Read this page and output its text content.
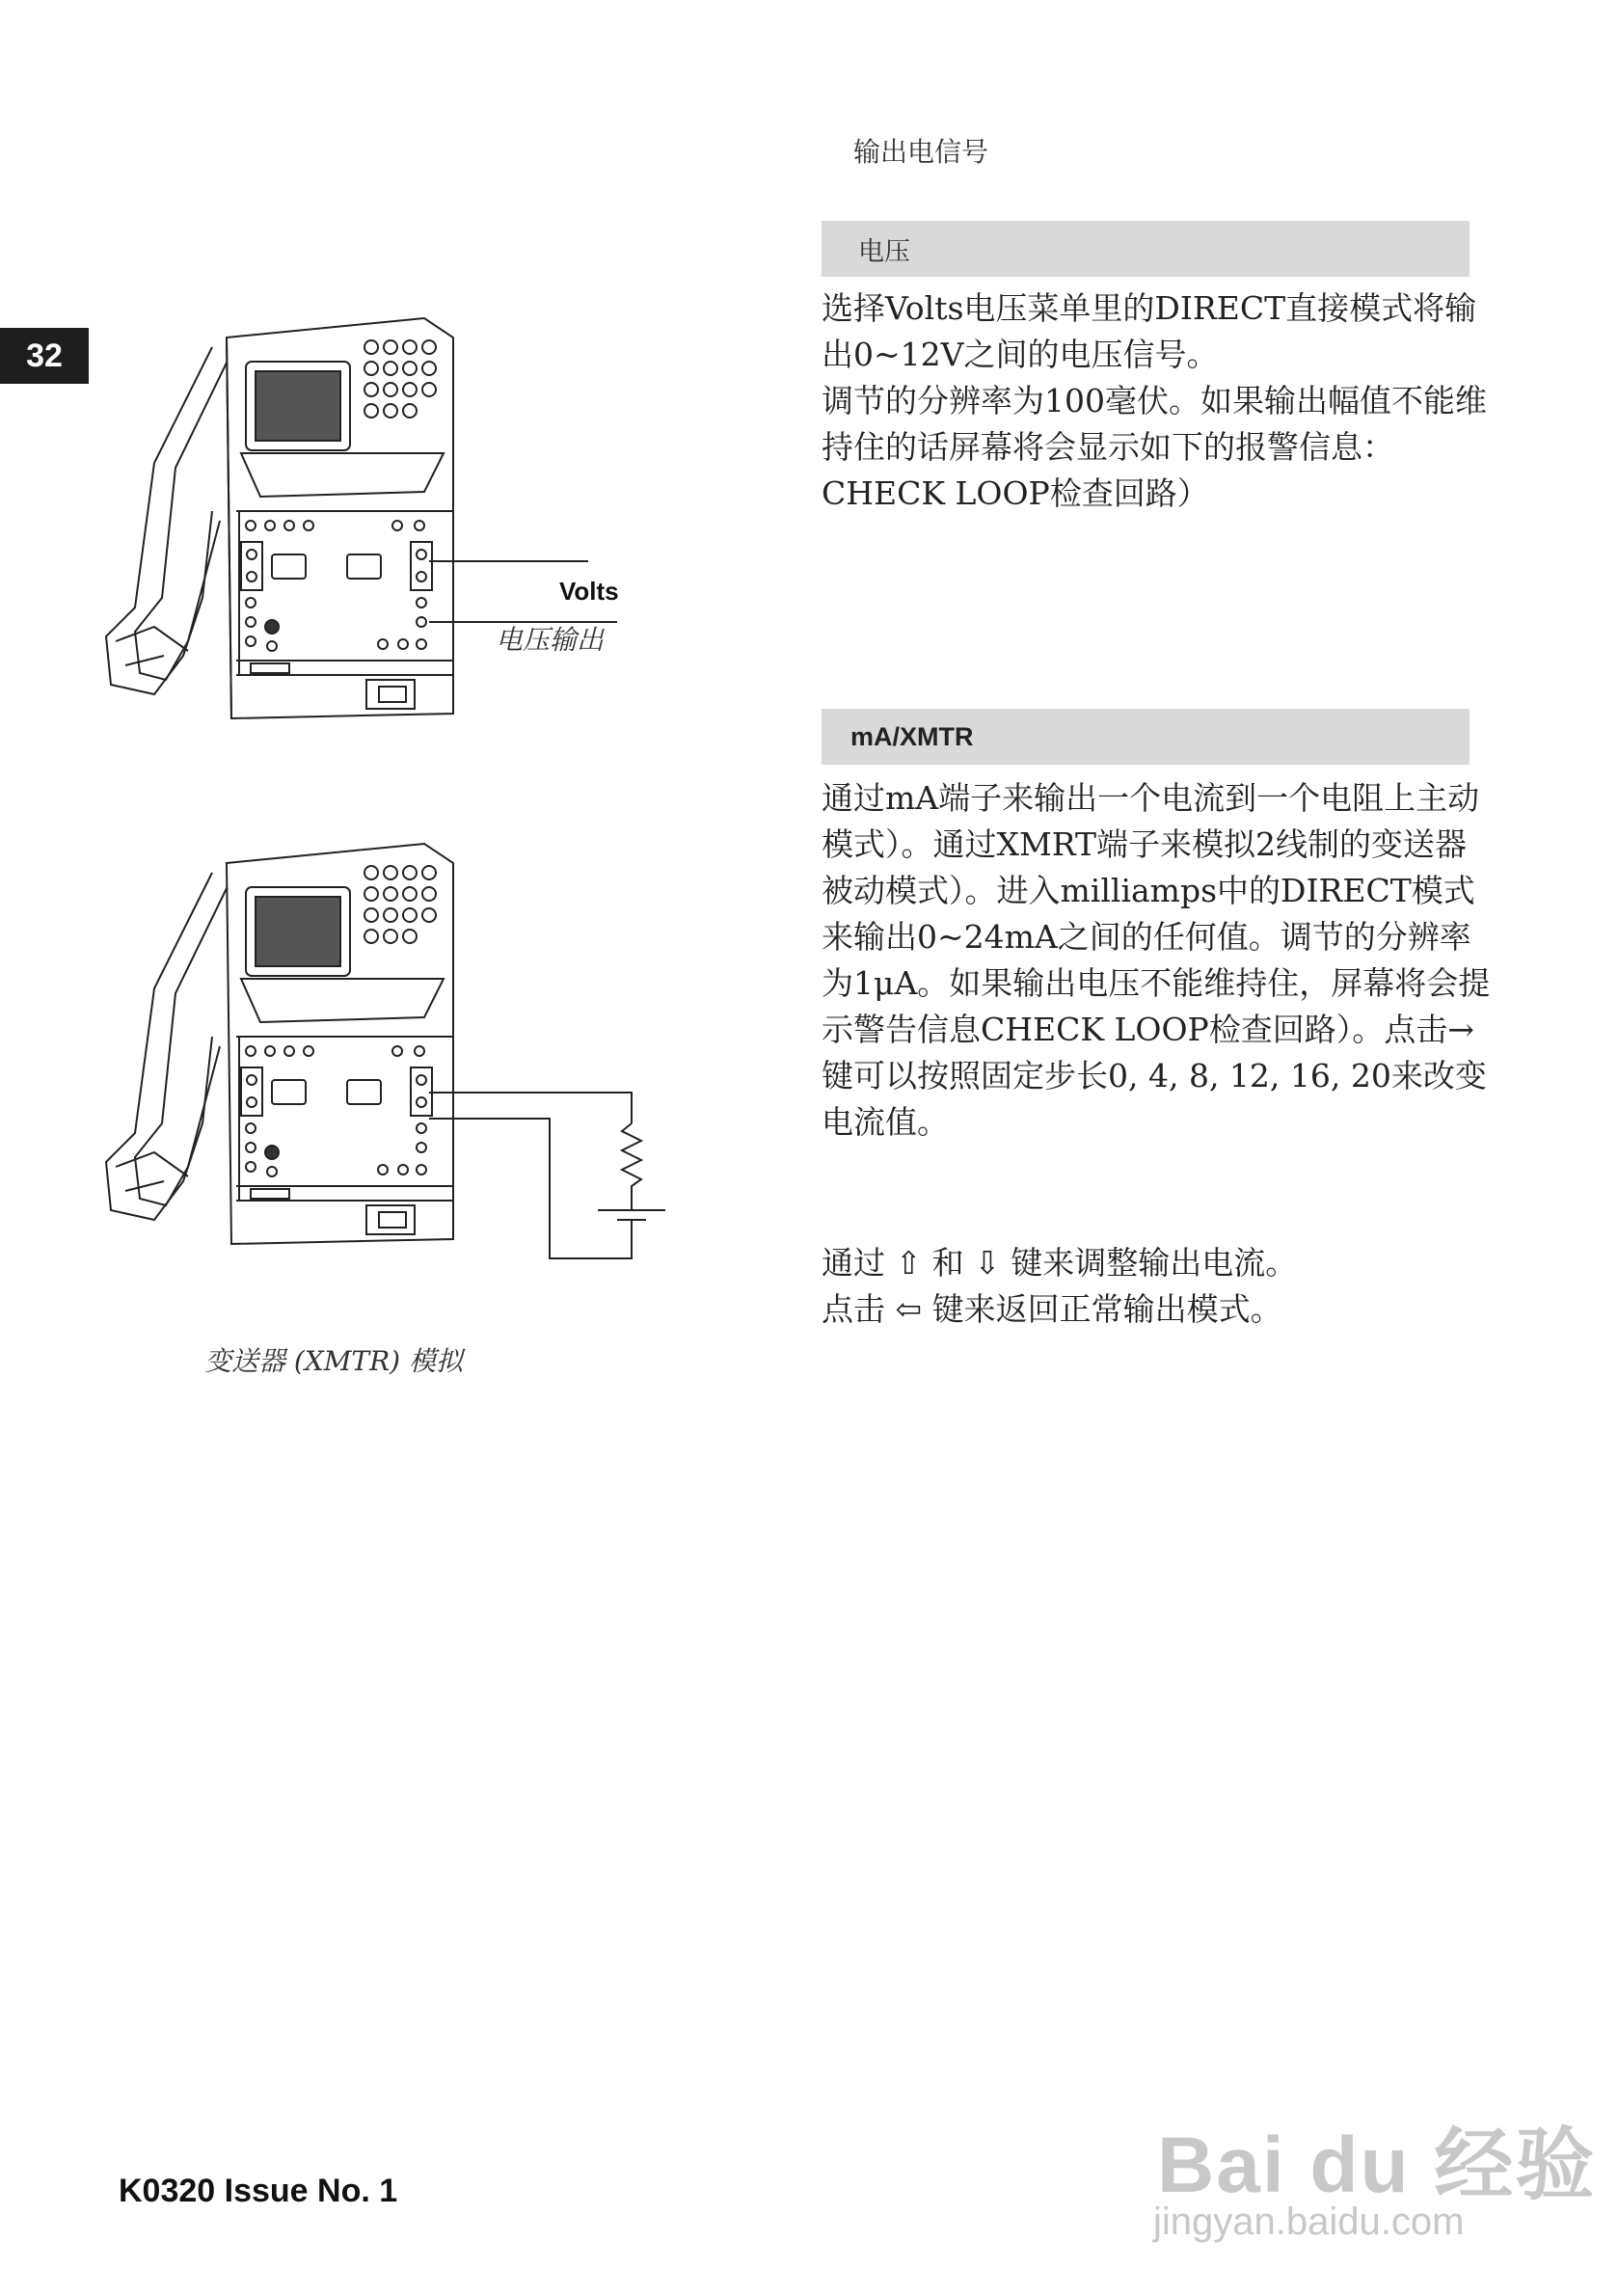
32
输出电信号
电压
选择Volts电压菜单里的DIRECT直接模式将输出0~12V之间的电压信号。
调节的分辨率为100毫伏。如果输出幅值不能维持住的话屏幕将会显示如下的报警信息：
CHECK LOOP检查回路）
mA/XMTR
通过mA端子来输出一个电流到一个电阻上主动模式）。通过XMRT端子来模拟2线制的变送器被动模式）。进入milliamps中的DIRECT模式来输出0~24mA之间的任何值。调节的分辨率为1μA。如果输出电压不能维持住，屏幕将会提示警告信息CHECK LOOP检查回路）。点击→键可以按照固定步长0, 4, 8, 12, 16, 20来改变电流值。
通过 ⇧ 和 ⇩ 键来调整输出电流。
点击 ⇦ 键来返回正常输出模式。
Volts
电压输出
变送器 (XMTR) 模拟
K0320 Issue No. 1	Bai du 经验
jingyan.baidu.com
